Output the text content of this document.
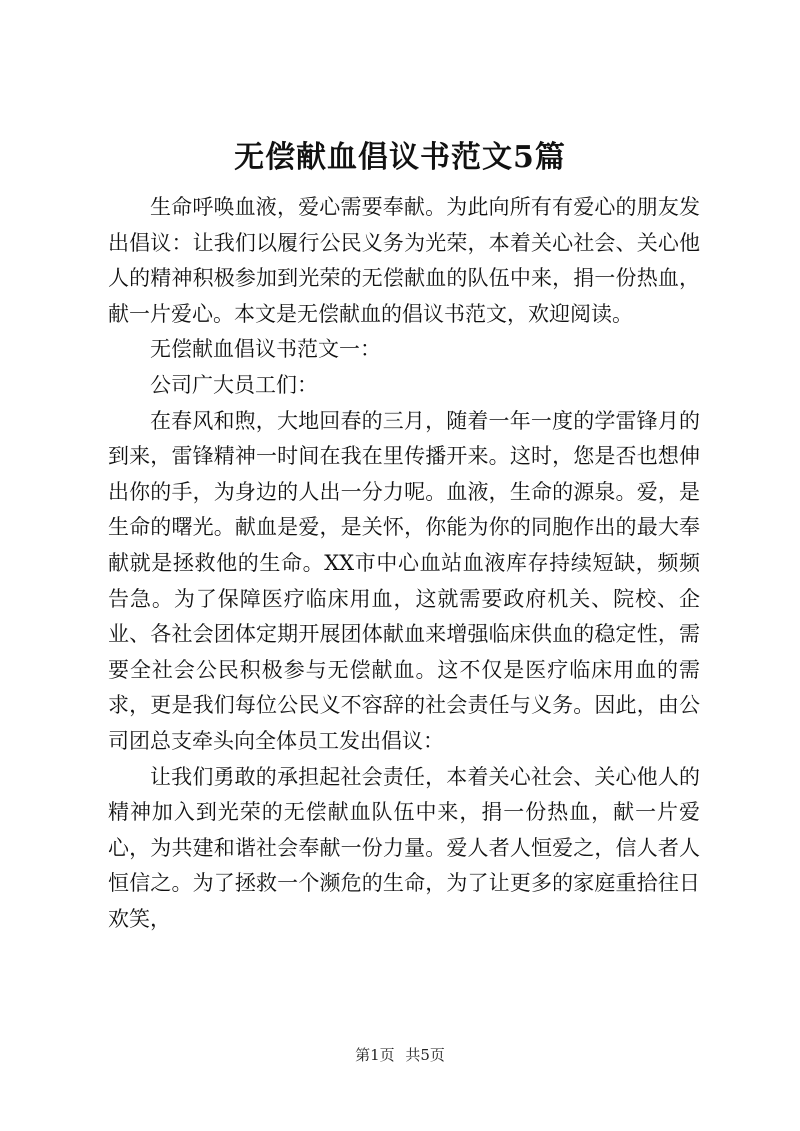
无偿献血倡议书范文5篇

生命呼唤血液，爱心需要奉献。为此向所有有爱心的朋友发出倡议：让我们以履行公民义务为光荣，本着关心社会、关心他人的精神积极参加到光荣的无偿献血的队伍中来，捐一份热血，献一片爱心。本文是无偿献血的倡议书范文，欢迎阅读。

无偿献血倡议书范文一：

公司广大员工们：

在春风和煦，大地回春的三月，随着一年一度的学雷锋月的到来，雷锋精神一时间在我在里传播开来。这时，您是否也想伸出你的手，为身边的人出一分力呢。血液，生命的源泉。爱，是生命的曙光。献血是爱，是关怀，你能为你的同胞作出的最大奉献就是拯救他的生命。XX市中心血站血液库存持续短缺，频频告急。为了保障医疗临床用血，这就需要政府机关、院校、企业、各社会团体定期开展团体献血来增强临床供血的稳定性，需要全社会公民积极参与无偿献血。这不仅是医疗临床用血的需求，更是我们每位公民义不容辞的社会责任与义务。因此，由公司团总支牵头向全体员工发出倡议：

让我们勇敢的承担起社会责任，本着关心社会、关心他人的精神加入到光荣的无偿献血队伍中来，捐一份热血，献一片爱心，为共建和谐社会奉献一份力量。爱人者人恒爱之，信人者人恒信之。为了拯救一个濒危的生命，为了让更多的家庭重拾往日欢笑，

第1页 共5页
